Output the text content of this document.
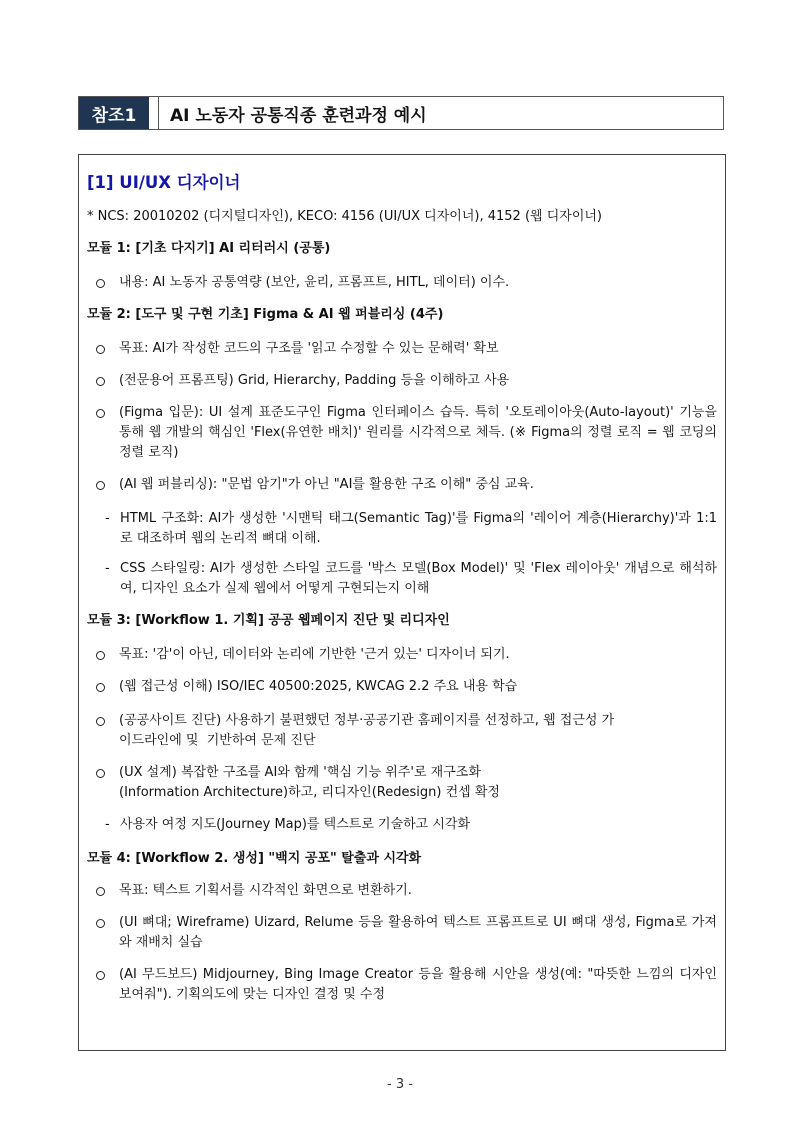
참조1	AI 노동자 공통직종 훈련과정 예시
[1] UI/UX 디자이너
* NCS: 20010202 (디지털디자인), KECO: 4156 (UI/UX 디자이너), 4152 (웹 디자이너)
모듈 1: [기초 다지기] AI 리터러시 (공통)
내용: AI 노동자 공통역량 (보안, 윤리, 프롬프트, HITL, 데이터) 이수.
모듈 2: [도구 및 구현 기초] Figma & AI 웹 퍼블리싱 (4주)
목표: AI가 작성한 코드의 구조를 '읽고 수정할 수 있는 문해력' 확보
(전문용어 프롬프팅) Grid, Hierarchy, Padding 등을 이해하고 사용
(Figma 입문): UI 설계 표준도구인 Figma 인터페이스 습득. 특히 '오토레이아웃(Auto-layout)' 기능을 통해 웹 개발의 핵심인 'Flex(유연한 배치)' 원리를 시각적으로 체득. (※ Figma의 정렬 로직 = 웹 코딩의 정렬 로직)
(AI 웹 퍼블리싱): "문법 암기"가 아닌 "AI를 활용한 구조 이해" 중심 교육.
- HTML 구조화: AI가 생성한 '시맨틱 태그(Semantic Tag)'를 Figma의 '레이어 계층(Hierarchy)'과 1:1로 대조하며 웹의 논리적 뼈대 이해.
- CSS 스타일링: AI가 생성한 스타일 코드를 '박스 모델(Box Model)' 및 'Flex 레이아웃' 개념으로 해석하여, 디자인 요소가 실제 웹에서 어떻게 구현되는지 이해
모듈 3: [Workflow 1. 기획] 공공 웹페이지 진단 및 리디자인
목표: '감'이 아닌, 데이터와 논리에 기반한 '근거 있는' 디자이너 되기.
(웹 접근성 이해) ISO/IEC 40500:2025, KWCAG 2.2 주요 내용 학습
(공공사이트 진단) 사용하기 불편했던 정부·공공기관 홈페이지를 선정하고, 웹 접근성 가
이드라인에 및  기반하여 문제 진단
(UX 설계) 복잡한 구조를 AI와 함께 '핵심 기능 위주'로 재구조화
(Information Architecture)하고, 리디자인(Redesign) 컨셉 확정
- 사용자 여정 지도(Journey Map)를 텍스트로 기술하고 시각화
모듈 4: [Workflow 2. 생성] "백지 공포" 탈출과 시각화
목표: 텍스트 기획서를 시각적인 화면으로 변환하기.
(UI 뼈대; Wireframe) Uizard, Relume 등을 활용하여 텍스트 프롬프트로 UI 뼈대 생성, Figma로 가져와 재배치 실습
(AI 무드보드) Midjourney, Bing Image Creator 등을 활용해 시안을 생성(예: "따뜻한 느낌의 디자인 보여줘"). 기획의도에 맞는 디자인 결정 및 수정
- 3 -
